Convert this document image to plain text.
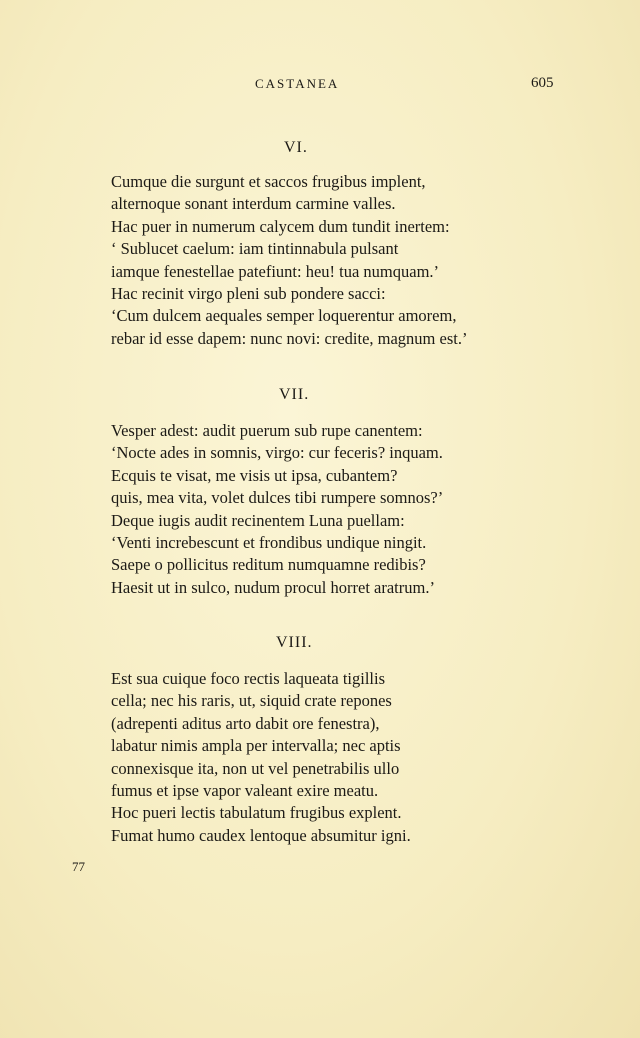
CASTANEA	605
VI.
Cumque die surgunt et saccos frugibus implent,
alternoque sonant interdum carmine valles.
Hac puer in numerum calycem dum tundit inertem:
‘ Sublucet caelum: iam tintinnabula pulsant
iamque fenestellae patefiunt: heu! tua numquam.’
Hac recinit virgo pleni sub pondere sacci:
‘Cum dulcem aequales semper loquerentur amorem,
rebar id esse dapem: nunc novi: credite, magnum est.’
VII.
Vesper adest: audit puerum sub rupe canentem:
‘Nocte ades in somnis, virgo: cur feceris? inquam.
Ecquis te visat, me visis ut ipsa, cubantem?
quis, mea vita, volet dulces tibi rumpere somnos?’
Deque iugis audit recinentem Luna puellam:
‘Venti increbescunt et frondibus undique ningit.
Saepe o pollicitus reditum numquamne redibis?
Haesit ut in sulco, nudum procul horret aratrum.’
VIII.
Est sua cuique foco rectis laqueata tigillis
cella; nec his raris, ut, siquid crate repones
(adrepenti aditus arto dabit ore fenestra),
labatur nimis ampla per intervalla; nec aptis
connexisque ita, non ut vel penetrabilis ullo
fumus et ipse vapor valeant exire meatu.
Hoc pueri lectis tabulatum frugibus explent.
Fumat humo caudex lentoque absumitur igni.
77
